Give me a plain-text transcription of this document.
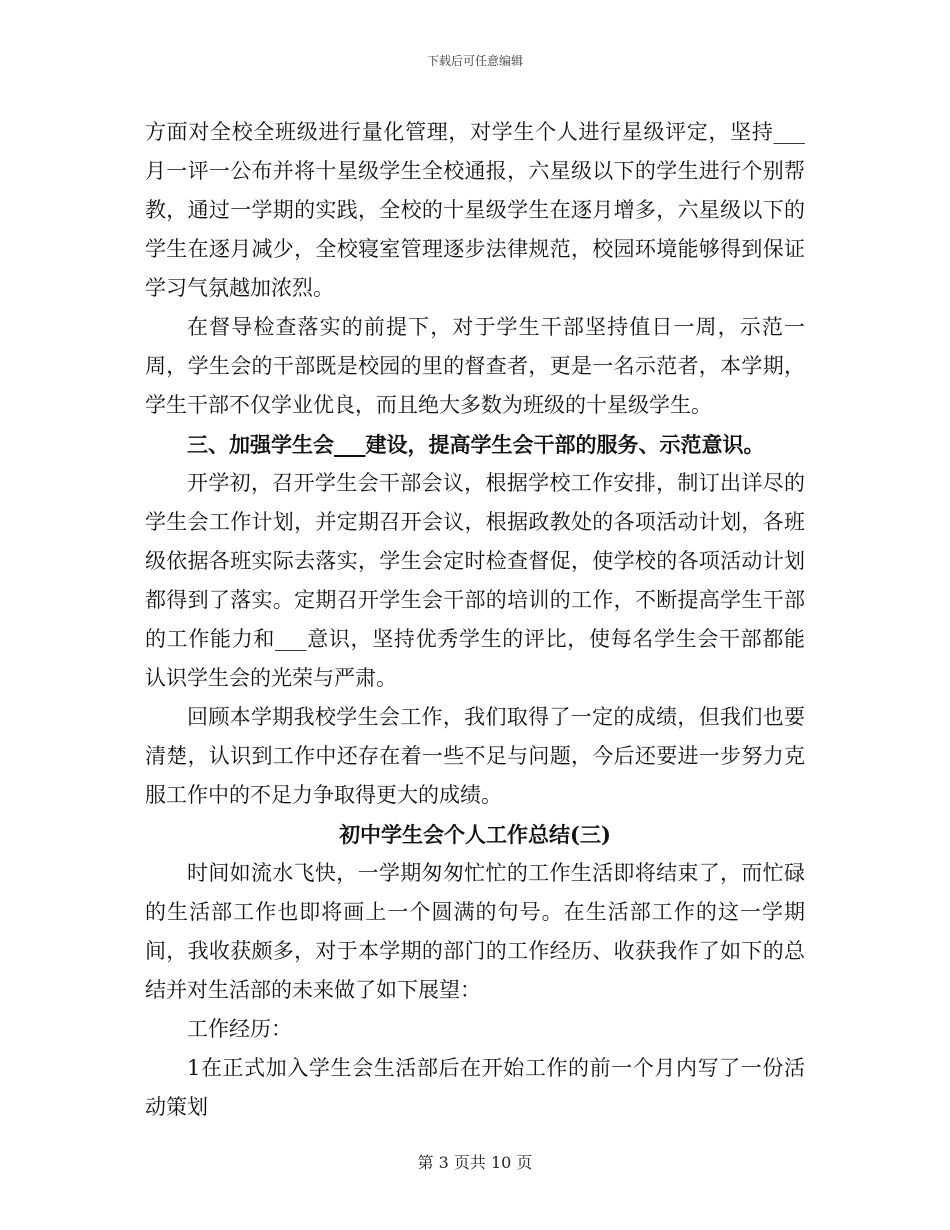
下载后可任意编辑

方面对全校全班级进行量化管理，对学生个人进行星级评定，坚持___月一评一公布并将十星级学生全校通报，六星级以下的学生进行个别帮教，通过一学期的实践，全校的十星级学生在逐月增多，六星级以下的学生在逐月减少，全校寝室管理逐步法律规范，校园环境能够得到保证学习气氛越加浓烈。

在督导检查落实的前提下，对于学生干部坚持值日一周，示范一周，学生会的干部既是校园的里的督查者，更是一名示范者，本学期，学生干部不仅学业优良，而且绝大多数为班级的十星级学生。

三、加强学生会___建设，提高学生会干部的服务、示范意识。

开学初，召开学生会干部会议，根据学校工作安排，制订出详尽的学生会工作计划，并定期召开会议，根据政教处的各项活动计划，各班级依据各班实际去落实，学生会定时检查督促，使学校的各项活动计划都得到了落实。定期召开学生会干部的培训的工作，不断提高学生干部的工作能力和___意识，坚持优秀学生的评比，使每名学生会干部都能认识学生会的光荣与严肃。

回顾本学期我校学生会工作，我们取得了一定的成绩，但我们也要清楚，认识到工作中还存在着一些不足与问题，今后还要进一步努力克服工作中的不足力争取得更大的成绩。

初中学生会个人工作总结(三)

时间如流水飞快，一学期匆匆忙忙的工作生活即将结束了，而忙碌的生活部工作也即将画上一个圆满的句号。在生活部工作的这一学期间，我收获颇多，对于本学期的部门的工作经历、收获我作了如下的总结并对生活部的未来做了如下展望：

工作经历：

1在正式加入学生会生活部后在开始工作的前一个月内写了一份活动策划

第 3 页共 10 页
